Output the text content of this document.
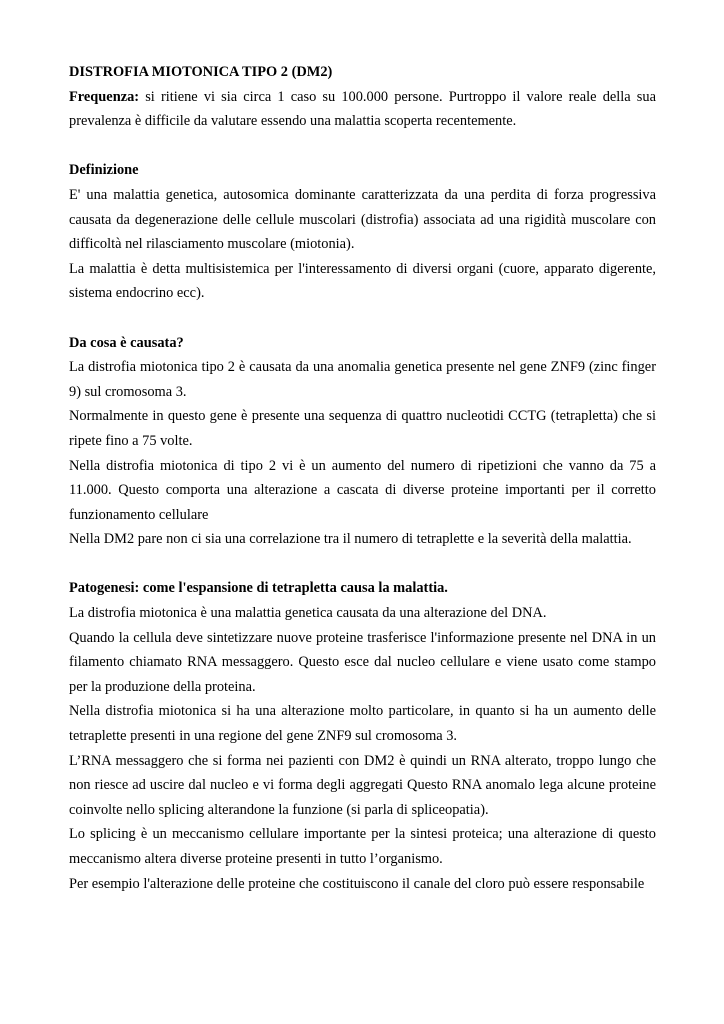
DISTROFIA MIOTONICA TIPO 2 (DM2)

Frequenza: si ritiene vi sia circa 1 caso su 100.000 persone. Purtroppo il valore reale della sua prevalenza è difficile da valutare essendo una malattia scoperta recentemente.

Definizione

E' una malattia genetica, autosomica dominante caratterizzata da una perdita di forza progressiva causata da degenerazione delle cellule muscolari (distrofia) associata ad una rigidità muscolare con difficoltà nel rilasciamento muscolare (miotonia).

La malattia è detta multisistemica per l'interessamento di diversi organi (cuore, apparato digerente, sistema endocrino ecc).

Da cosa è causata?

La distrofia miotonica tipo 2 è causata da una anomalia genetica presente nel gene ZNF9 (zinc finger 9) sul cromosoma 3.

Normalmente in questo gene è presente una sequenza di quattro nucleotidi CCTG (tetrapletta) che si ripete fino a 75 volte.

Nella distrofia miotonica di tipo 2 vi è un aumento del numero di ripetizioni che vanno da 75 a 11.000. Questo comporta una alterazione a cascata di diverse proteine importanti per il corretto funzionamento cellulare

Nella DM2 pare non ci sia una correlazione tra il numero di tetraplette e la severità della malattia.

Patogenesi: come l'espansione di tetrapletta causa la malattia.

La distrofia miotonica è una malattia genetica causata da una alterazione del DNA.

Quando la cellula deve sintetizzare nuove proteine trasferisce l'informazione presente nel DNA in un filamento chiamato RNA messaggero. Questo esce dal nucleo cellulare e viene usato come stampo per la produzione della proteina.

Nella distrofia miotonica si ha una alterazione molto particolare, in quanto si ha un aumento delle tetraplette presenti in una regione del gene ZNF9 sul cromosoma 3.

L’RNA messaggero che si forma nei pazienti con DM2 è quindi un RNA alterato, troppo lungo che non riesce ad uscire dal nucleo e vi forma degli aggregati Questo RNA anomalo lega alcune proteine coinvolte nello splicing alterandone la funzione (si parla di spliceopatia).

Lo splicing è un meccanismo cellulare importante per la sintesi proteica; una alterazione di questo meccanismo altera diverse proteine presenti in tutto l’organismo.

Per esempio l'alterazione delle proteine che costituiscono il canale del cloro può essere responsabile
